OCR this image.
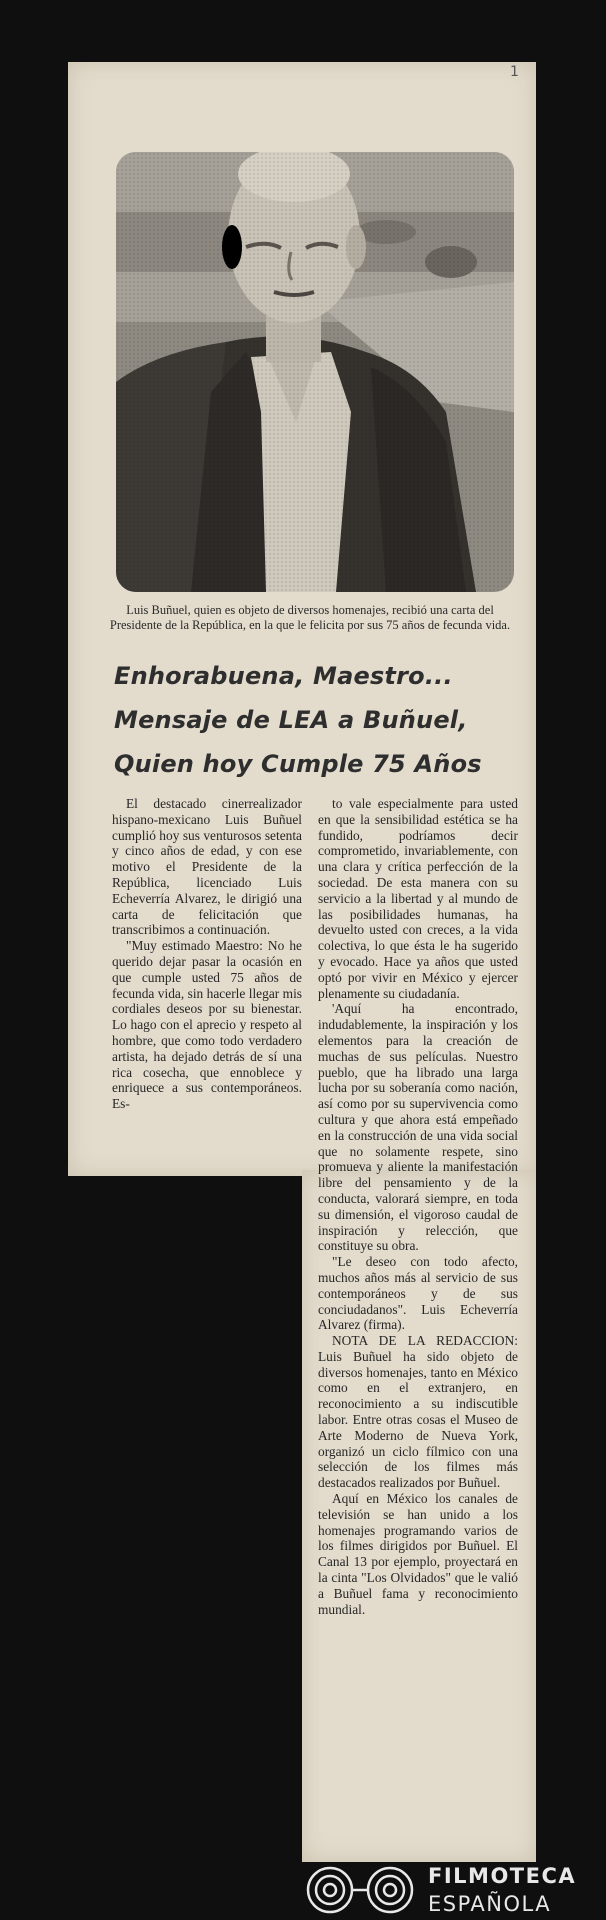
1
Luis Buñuel, quien es objeto de diversos homenajes, recibió una carta del Presidente de la República, en la que le felicita por sus 75 años de fecunda vida.
Enhorabuena, Maestro...
Mensaje de LEA a Buñuel,
Quien hoy Cumple 75 Años

El destacado cinerrealizador hispano-mexicano Luis Buñuel cumplió hoy sus venturosos setenta y cinco años de edad, y con ese motivo el Presidente de la República, licenciado Luis Echeverría Alvarez, le dirigió una carta de felicitación que transcribimos a continuación.

"Muy estimado Maestro: No he querido dejar pasar la ocasión en que cumple usted 75 años de fecunda vida, sin hacerle llegar mis cordiales deseos por su bienestar. Lo hago con el aprecio y respeto al hombre, que como todo verdadero artista, ha dejado detrás de sí una rica cosecha, que ennoblece y enriquece a sus contemporáneos. Es-

to vale especialmente para usted en que la sensibilidad estética se ha fundido, podríamos decir comprometido, invariablemente, con una clara y crítica perfección de la sociedad. De esta manera con su servicio a la libertad y al mundo de las posibilidades humanas, ha devuelto usted con creces, a la vida colectiva, lo que ésta le ha sugerido y evocado. Hace ya años que usted optó por vivir en México y ejercer plenamente su ciudadanía.

'Aquí ha encontrado, indudablemente, la inspiración y los elementos para la creación de muchas de sus películas. Nuestro pueblo, que ha librado una larga lucha por su soberanía como nación, así como por su supervivencia como cultura y que ahora está empeñado en la construcción de una vida social que no solamente respete, sino promueva y aliente la manifestación libre del pensamiento y de la conducta, valorará siempre, en toda su dimensión, el vigoroso caudal de inspiración y relección, que constituye su obra.

"Le deseo con todo afecto, muchos años más al servicio de sus contemporáneos y de sus conciudadanos". Luis Echeverría Alvarez (firma).

NOTA DE LA REDACCION: Luis Buñuel ha sido objeto de diversos homenajes, tanto en México como en el extranjero, en reconocimiento a su indiscutible labor. Entre otras cosas el Museo de Arte Moderno de Nueva York, organizó un ciclo fílmico con una selección de los filmes más destacados realizados por Buñuel.

Aquí en México los canales de televisión se han unido a los homenajes programando varios de los filmes dirigidos por Buñuel. El Canal 13 por ejemplo, proyectará en la cinta "Los Olvidados" que le valió a Buñuel fama y reconocimiento mundial.

FILMOTECA
ESPAÑOLA
